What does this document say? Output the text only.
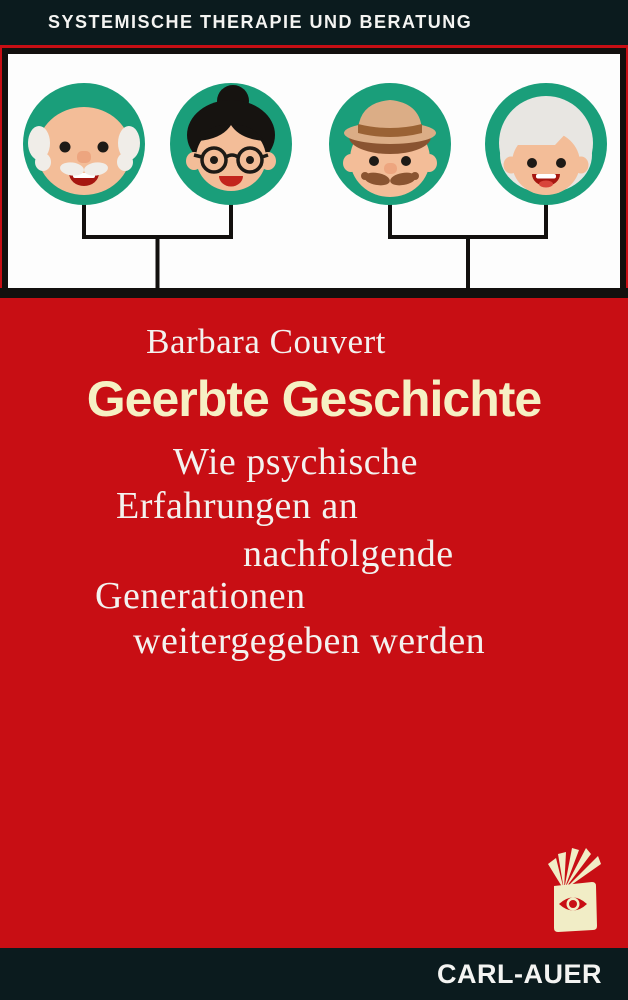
SYSTEMISCHE THERAPIE UND BERATUNG
Barbara Couvert
Geerbte Geschichte
Wie psychische
Erfahrungen an
nachfolgende
Generationen
weitergegeben werden
CARL-AUER
